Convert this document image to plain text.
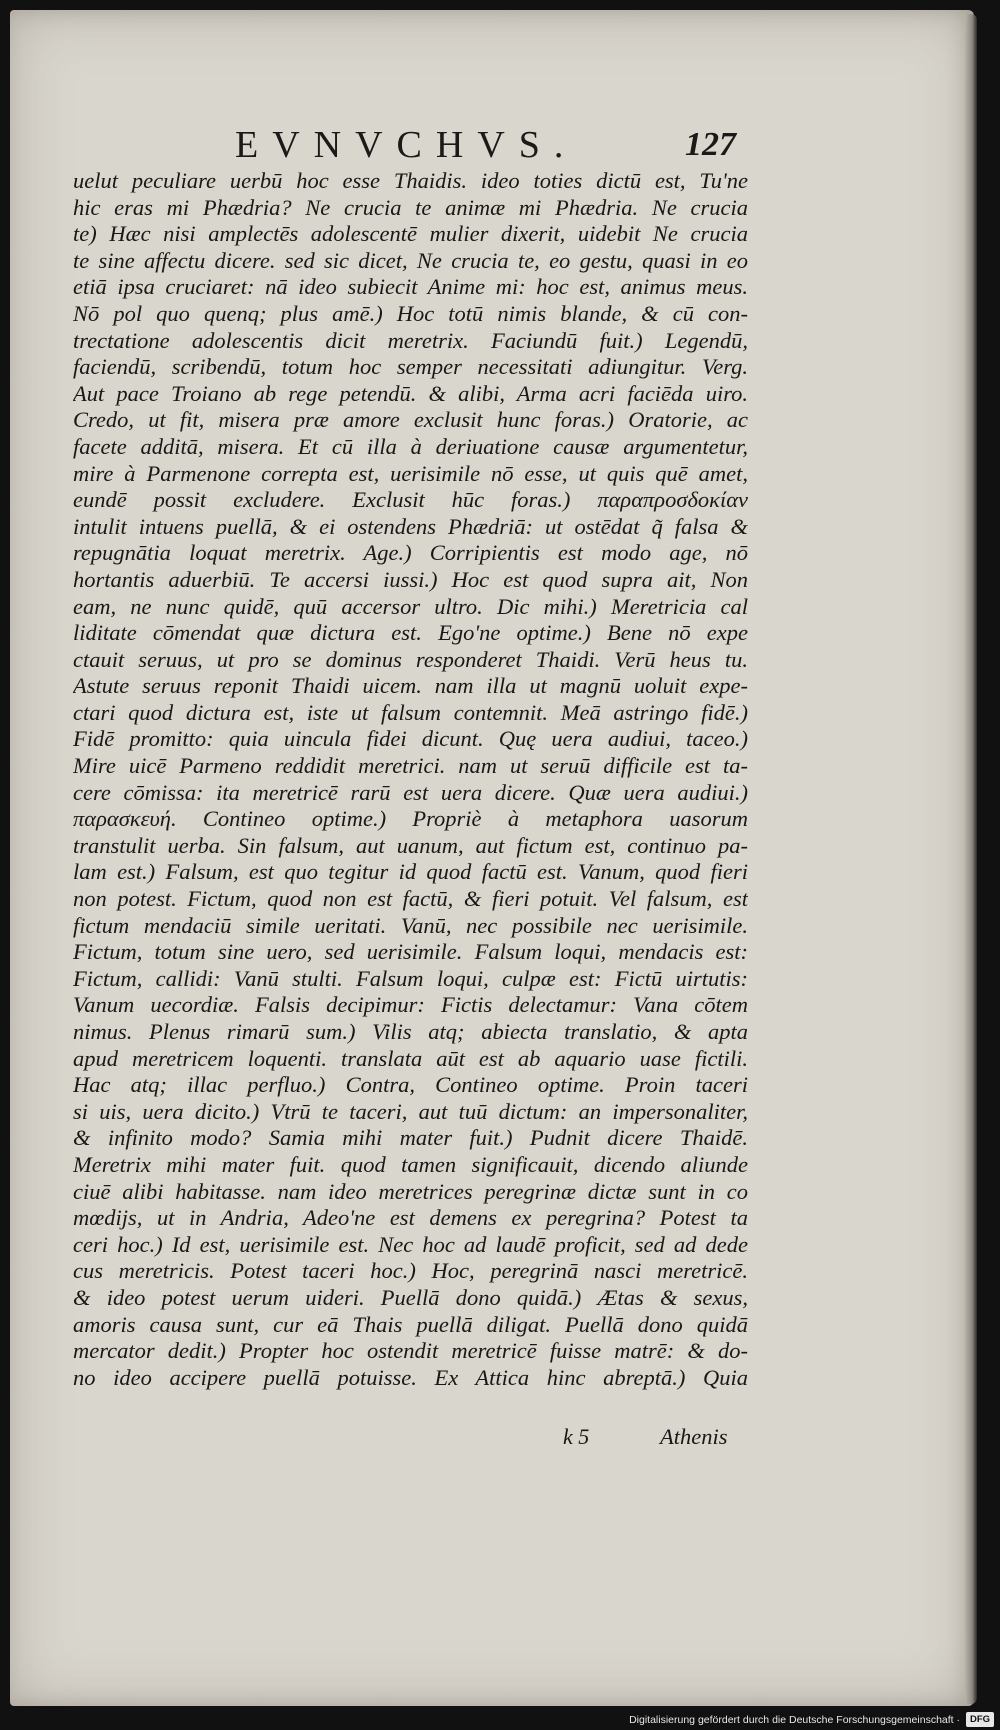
EVNVCHVS.	127
uelut peculiare uerbū hoc esse Thaidis. ideo toties dictū est, Tu'ne
hic eras mi Phædria? Ne crucia te animæ mi Phædria. Ne crucia
te) Hæc nisi amplectēs adolescentē mulier dixerit, uidebit Ne crucia
te sine affectu dicere. sed sic dicet, Ne crucia te, eo gestu, quasi in eo
etiā ipsa cruciaret: nā ideo subiecit Anime mi: hoc est, animus meus.
Nō pol quo quenq; plus amē.) Hoc totū nimis blande, & cū con-
trectatione adolescentis dicit meretrix. Faciundū fuit.) Legendū,
faciendū, scribendū, totum hoc semper necessitati adiungitur. Verg.
Aut pace Troiano ab rege petendū. & alibi, Arma acri faciēda uiro.
Credo, ut fit, misera præ amore exclusit hunc foras.) Oratorie, ac
facete additā, misera. Et cū illa à deriuatione causæ argumentetur,
mire à Parmenone correpta est, uerisimile nō esse, ut quis quē amet,
eundē possit excludere. Exclusit hūc foras.) παραπροσδοκίαν
intulit intuens puellā, & ei ostendens Phædriā: ut ostēdat q̃ falsa &
repugnātia loquat meretrix. Age.) Corripientis est modo age, nō
hortantis aduerbiū. Te accersi iussi.) Hoc est quod supra ait, Non
eam, ne nunc quidē, quū accersor ultro. Dic mihi.) Meretricia cal
liditate cōmendat quæ dictura est. Ego'ne optime.) Bene nō expe
ctauit seruus, ut pro se dominus responderet Thaidi. Verū heus tu.
Astute seruus reponit Thaidi uicem. nam illa ut magnū uoluit expe-
ctari quod dictura est, iste ut falsum contemnit. Meā astringo fidē.)
Fidē promitto: quia uincula fidei dicunt. Quę uera audiui, taceo.)
Mire uicē Parmeno reddidit meretrici. nam ut seruū difficile est ta-
cere cōmissa: ita meretricē rarū est uera dicere. Quæ uera audiui.)
παρασκευή. Contineo optime.) Propriè à metaphora uasorum
transtulit uerba. Sin falsum, aut uanum, aut fictum est, continuo pa-
lam est.) Falsum, est quo tegitur id quod factū est. Vanum, quod fieri
non potest. Fictum, quod non est factū, & fieri potuit. Vel falsum, est
fictum mendaciū simile ueritati. Vanū, nec possibile nec uerisimile.
Fictum, totum sine uero, sed uerisimile. Falsum loqui, mendacis est:
Fictum, callidi: Vanū stulti. Falsum loqui, culpæ est: Fictū uirtutis:
Vanum uecordiæ. Falsis decipimur: Fictis delectamur: Vana cōtem
nimus. Plenus rimarū sum.) Vilis atq; abiecta translatio, & apta
apud meretricem loquenti. translata aūt est ab aquario uase fictili.
Hac atq; illac perfluo.) Contra, Contineo optime. Proin taceri
si uis, uera dicito.) Vtrū te taceri, aut tuū dictum: an impersonaliter,
& infinito modo? Samia mihi mater fuit.) Pudnit dicere Thaidē.
Meretrix mihi mater fuit. quod tamen significauit, dicendo aliunde
ciuē alibi habitasse. nam ideo meretrices peregrinæ dictæ sunt in co
mœdijs, ut in Andria, Adeo'ne est demens ex peregrina? Potest ta
ceri hoc.) Id est, uerisimile est. Nec hoc ad laudē proficit, sed ad dede
cus meretricis. Potest taceri hoc.) Hoc, peregrinā nasci meretricē.
& ideo potest uerum uideri. Puellā dono quidā.) Ætas & sexus,
amoris causa sunt, cur eā Thais puellā diligat. Puellā dono quidā
mercator dedit.) Propter hoc ostendit meretricē fuisse matrē: & do-
no ideo accipere puellā potuisse. Ex Attica hinc abreptā.) Quia
k 5	Athenis
Digitalisierung gefördert durch die Deutsche Forschungsgemeinschaft ·	DFG
